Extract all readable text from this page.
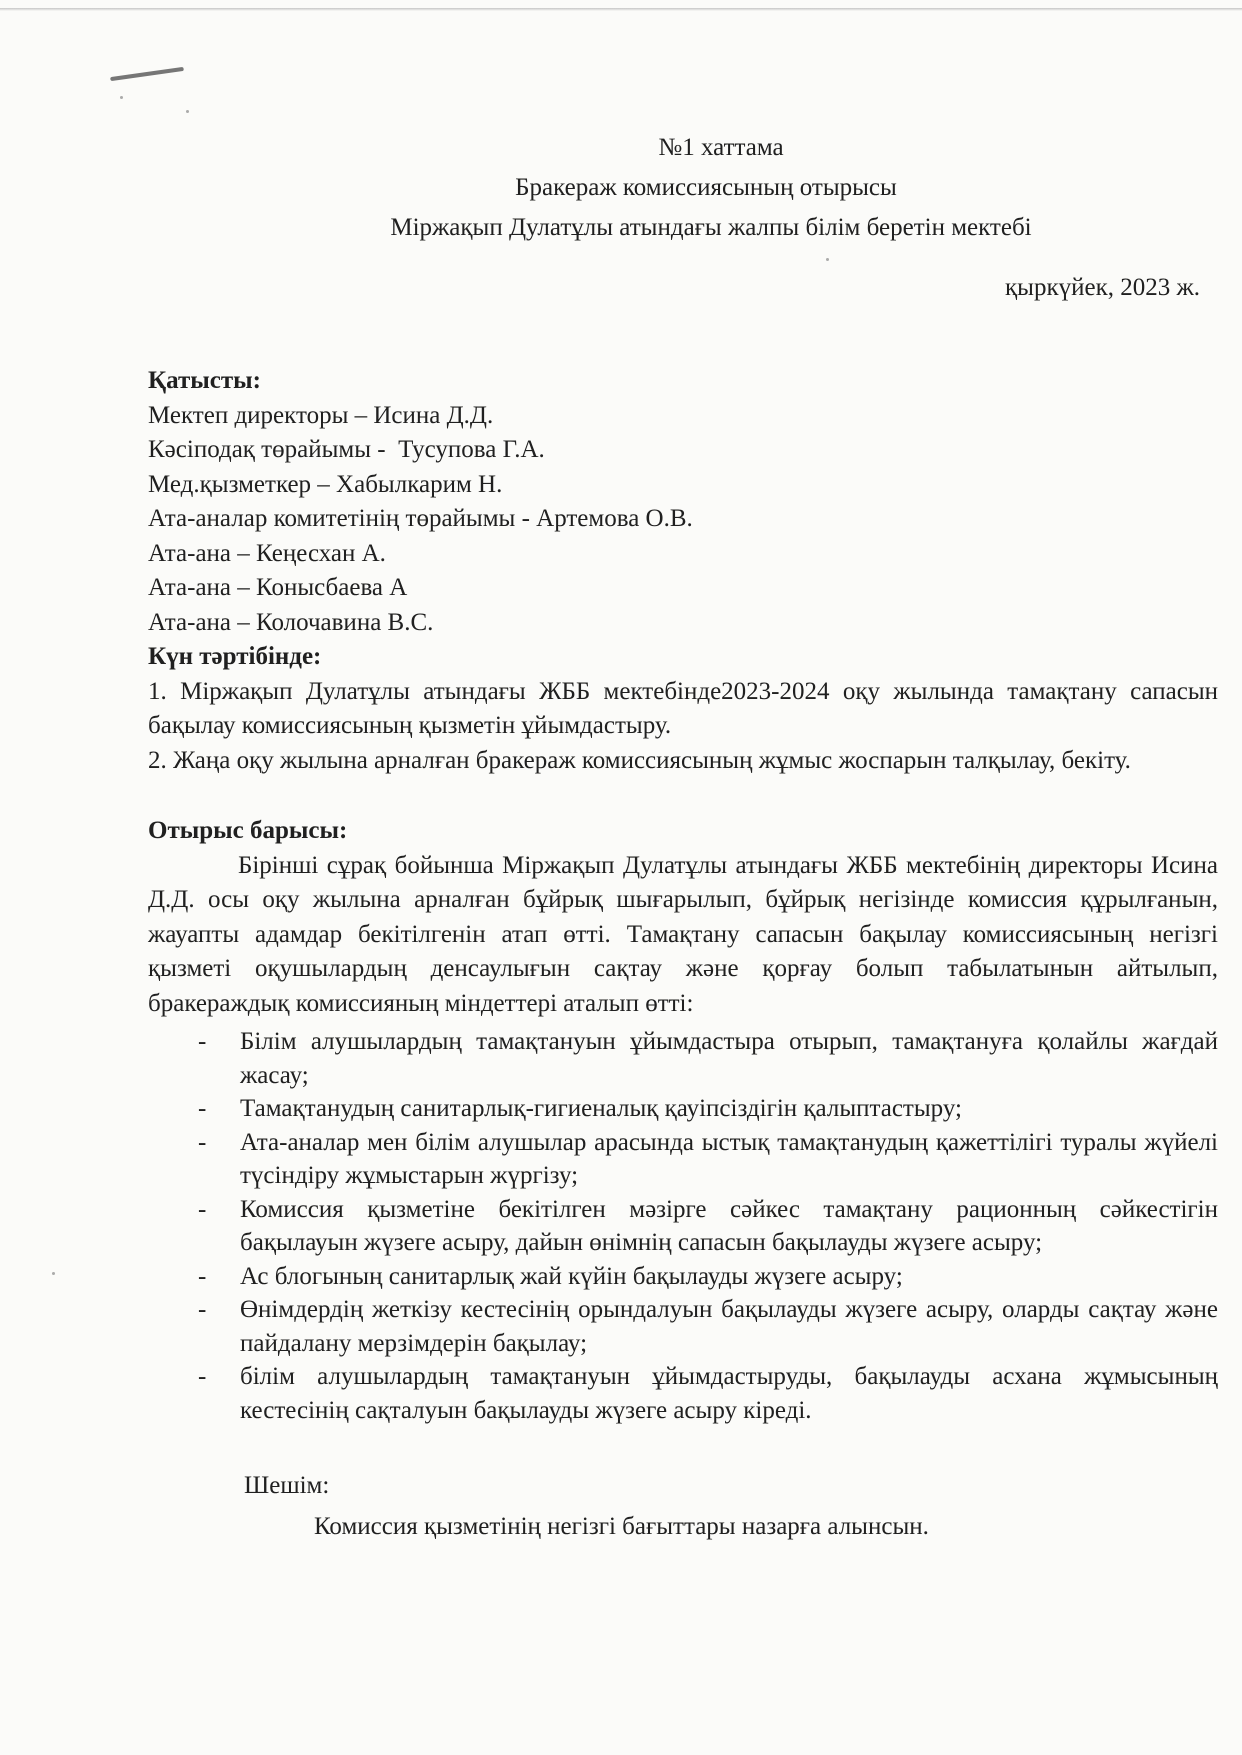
№1 хаттама
Бракераж комиссиясының отырысы
Міржақып Дулатұлы атындағы жалпы білім беретін мектебі
қыркүйек, 2023 ж.
Қатысты:
Мектеп директоры – Исина Д.Д.
Кәсіподақ төрайымы -  Тусупова Г.А.
Мед.қызметкер – Хабылкарим Н.
Ата-аналар комитетінің төрайымы - Артемова О.В.
Ата-ана – Кеңесхан А.
Ата-ана – Конысбаева А
Ата-ана – Колочавина В.С.
Күн тәртібінде:

1. Міржақып Дулатұлы атындағы ЖББ мектебінде2023-2024 оқу жылында тамақтану сапасын бақылау комиссиясының қызметін ұйымдастыру.

2. Жаңа оқу жылына арналған бракераж комиссиясының жұмыс жоспарын талқылау, бекіту.

Отырыс барысы:

Бірінші сұрақ бойынша Міржақып Дулатұлы атындағы ЖББ мектебінің директоры Исина Д.Д. осы оқу жылына арналған бұйрық шығарылып, бұйрық негізінде комиссия құрылғанын, жауапты адамдар бекітілгенін атап өтті. Тамақтану сапасын бақылау комиссиясының негізгі қызметі оқушылардың денсаулығын сақтау және қорғау болып табылатынын айтылып, бракераждық комиссияның міндеттері аталып өтті:

- Білім алушылардың тамақтануын ұйымдастыра отырып, тамақтануға қолайлы жағдай жасау;
- Тамақтанудың санитарлық-гигиеналық қауіпсіздігін қалыптастыру;
- Ата-аналар мен білім алушылар арасында ыстық тамақтанудың қажеттілігі туралы жүйелі түсіндіру жұмыстарын жүргізу;
- Комиссия қызметіне бекітілген мәзірге сәйкес тамақтану рационның сәйкестігін бақылауын жүзеге асыру, дайын өнімнің сапасын бақылауды жүзеге асыру;
- Ас блогының санитарлық жай күйін бақылауды жүзеге асыру;
- Өнімдердің жеткізу кестесінің орындалуын бақылауды жүзеге асыру, оларды сақтау және пайдалану мерзімдерін бақылау;
- білім алушылардың тамақтануын ұйымдастыруды, бақылауды асхана жұмысының кестесінің сақталуын бақылауды жүзеге асыру кіреді.
Шешім:
Комиссия қызметінің негізгі бағыттары назарға алынсын.
